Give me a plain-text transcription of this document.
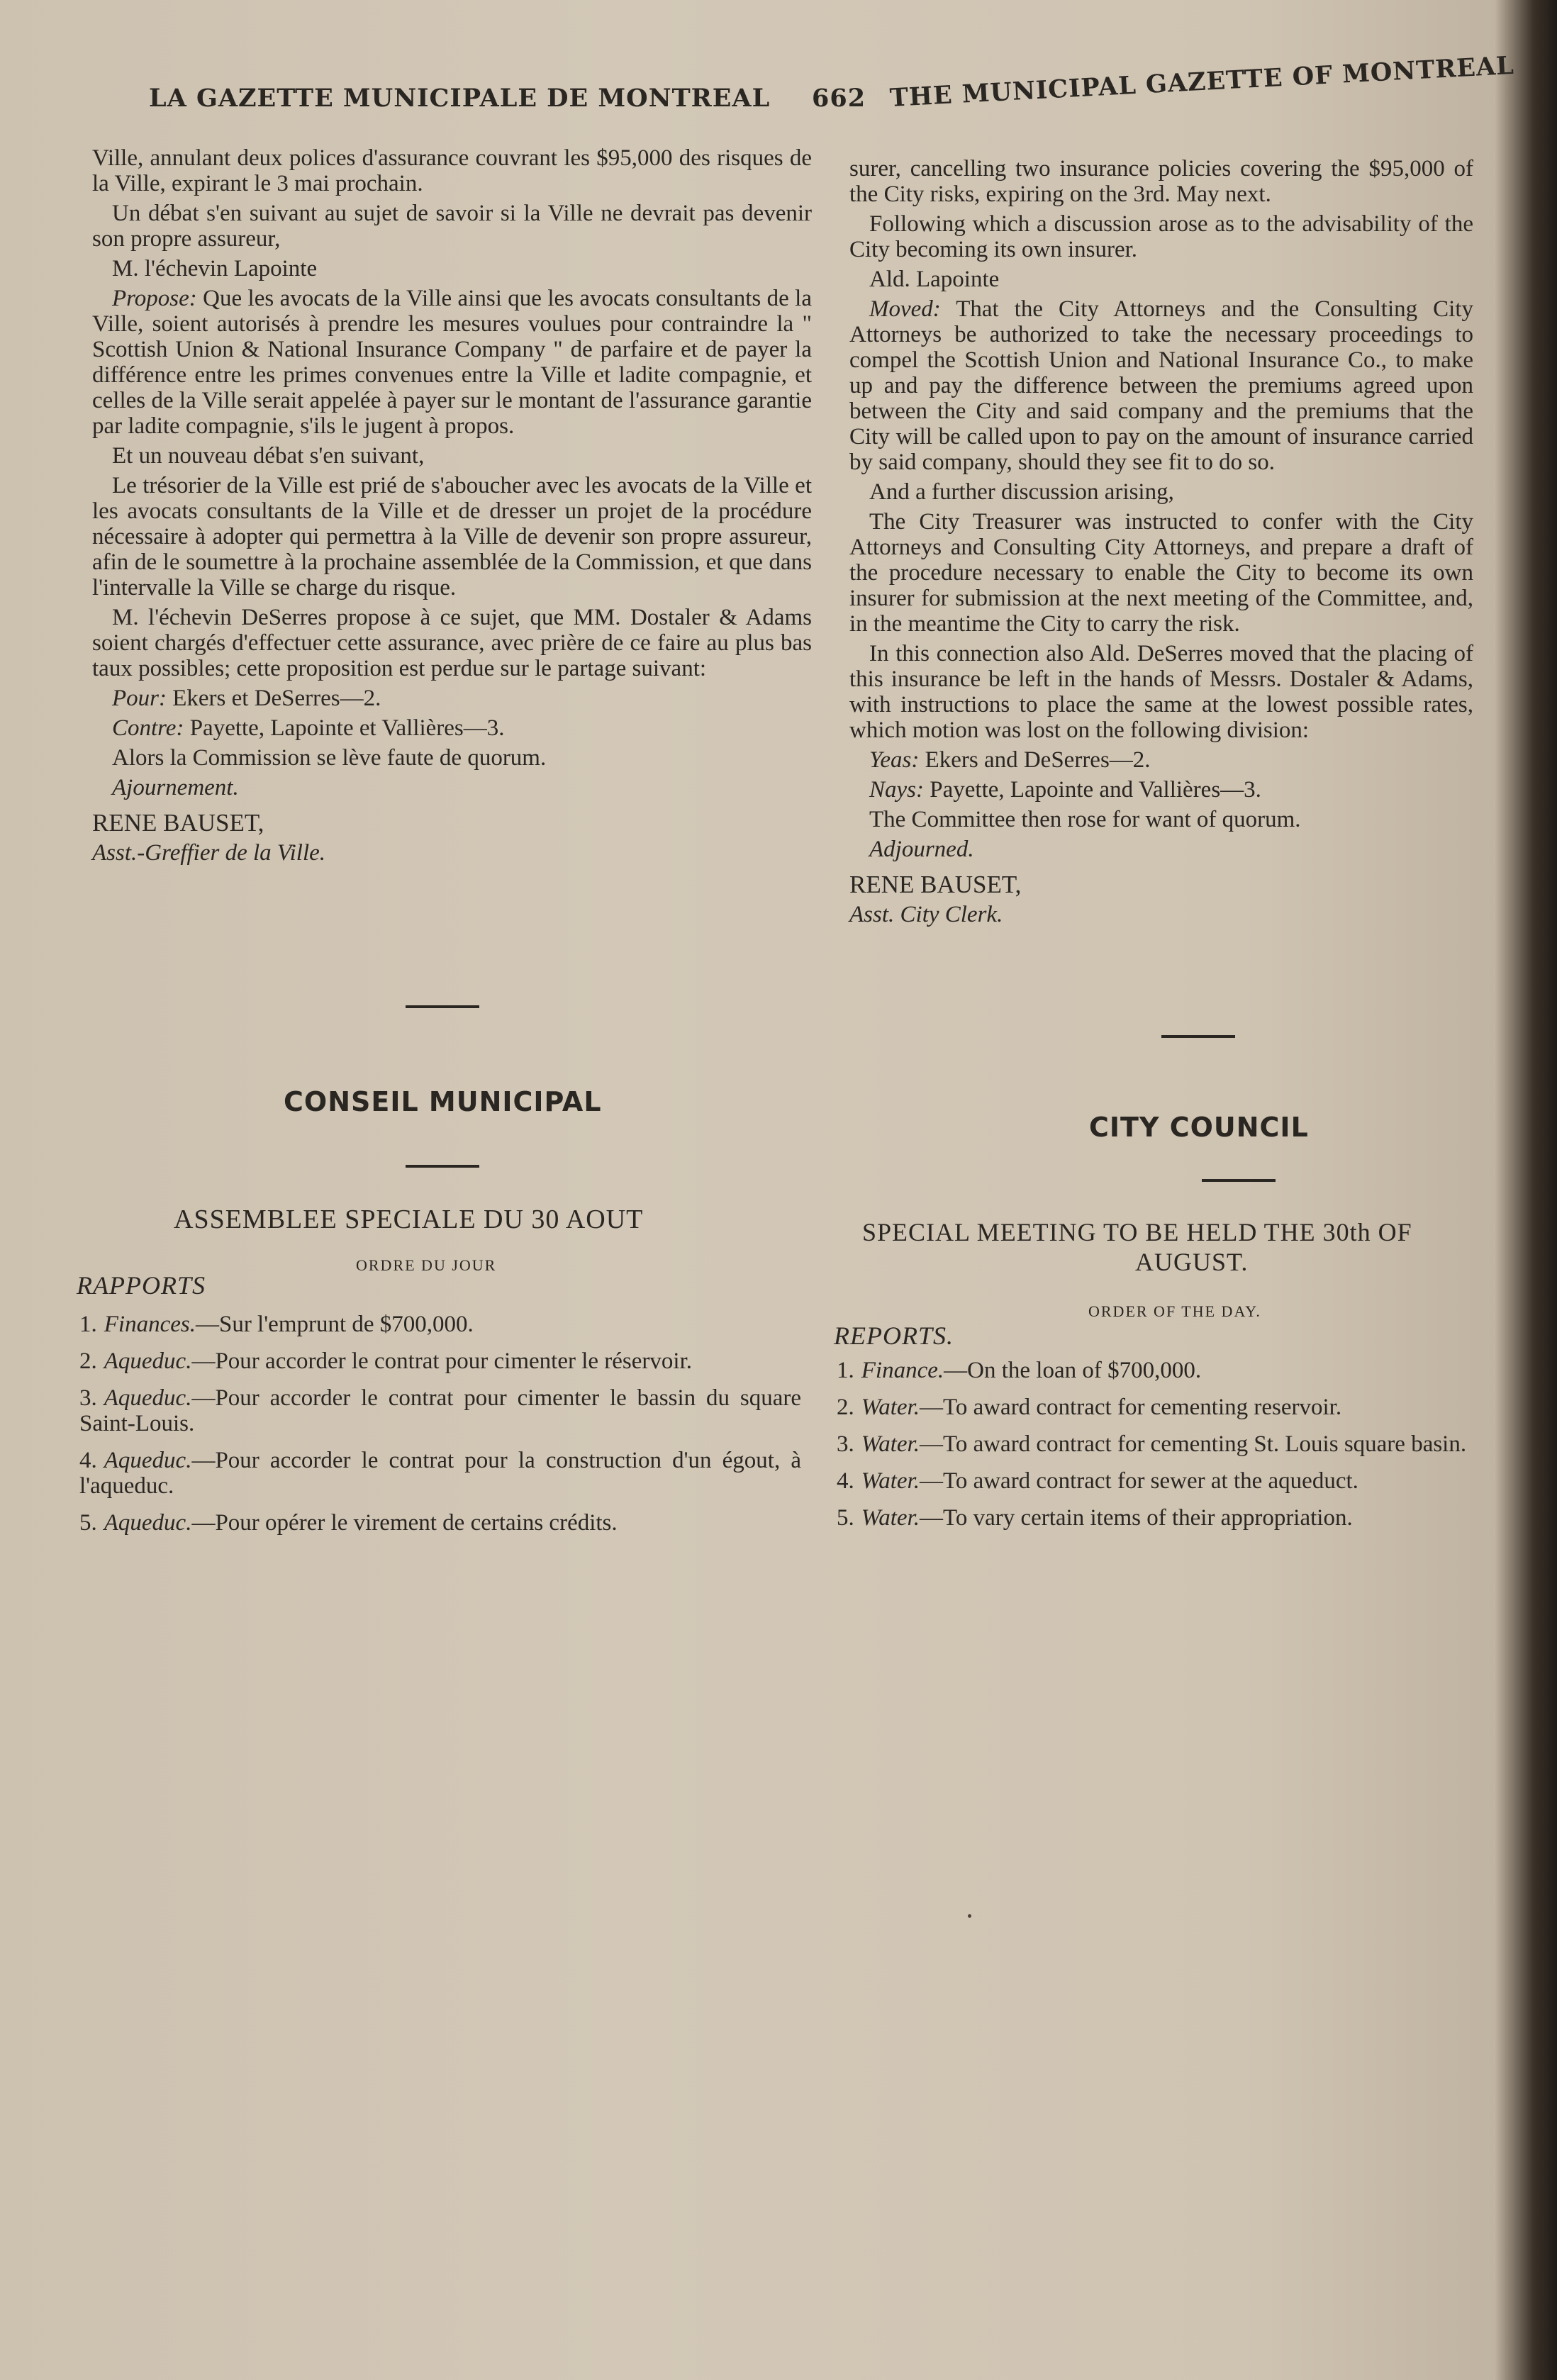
LA GAZETTE MUNICIPALE DE MONTREAL 662 THE MUNICIPAL GAZETTE OF MONTREAL

Ville, annulant deux polices d'assurance couvrant les $95,000 des risques de la Ville, expirant le 3 mai prochain.

Un débat s'en suivant au sujet de savoir si la Ville ne devrait pas devenir son propre assureur,

M. l'échevin Lapointe

Propose: Que les avocats de la Ville ainsi que les avocats consultants de la Ville, soient autorisés à prendre les mesures voulues pour contraindre la " Scottish Union & National Insurance Company " de parfaire et de payer la différence entre les primes convenues entre la Ville et ladite compagnie, et celles de la Ville serait appelée à payer sur le montant de l'assurance garantie par ladite compagnie, s'ils le jugent à propos.

Et un nouveau débat s'en suivant,

Le trésorier de la Ville est prié de s'aboucher avec les avocats de la Ville et les avocats consultants de la Ville et de dresser un projet de la procédure nécessaire à adopter qui permettra à la Ville de devenir son propre assureur, afin de le soumettre à la prochaine assemblée de la Commission, et que dans l'intervalle la Ville se charge du risque.

M. l'échevin DeSerres propose à ce sujet, que MM. Dostaler & Adams soient chargés d'effectuer cette assurance, avec prière de ce faire au plus bas taux possibles; cette proposition est perdue sur le partage suivant:

Pour: Ekers et DeSerres—2.

Contre: Payette, Lapointe et Vallières—3.

Alors la Commission se lève faute de quorum.

Ajournement.

RENE BAUSET,

Asst.-Greffier de la Ville.

surer, cancelling two insurance policies covering the $95,000 of the City risks, expiring on the 3rd. May next.

Following which a discussion arose as to the advisability of the City becoming its own insurer.

Ald. Lapointe

Moved: That the City Attorneys and the Consulting City Attorneys be authorized to take the necessary proceedings to compel the Scottish Union and National Insurance Co., to make up and pay the difference between the premiums agreed upon between the City and said company and the premiums that the City will be called upon to pay on the amount of insurance carried by said company, should they see fit to do so.

And a further discussion arising,

The City Treasurer was instructed to confer with the City Attorneys and Consulting City Attorneys, and prepare a draft of the procedure necessary to enable the City to become its own insurer for submission at the next meeting of the Committee, and, in the meantime the City to carry the risk.

In this connection also Ald. DeSerres moved that the placing of this insurance be left in the hands of Messrs. Dostaler & Adams, with instructions to place the same at the lowest possible rates, which motion was lost on the following division:

Yeas: Ekers and DeSerres—2.

Nays: Payette, Lapointe and Vallières—3.

The Committee then rose for want of quorum.

Adjourned.

RENE BAUSET,

Asst. City Clerk.

CONSEIL MUNICIPAL
ASSEMBLEE SPECIALE DU 30 AOUT
ORDRE DU JOUR
RAPPORTS

1. Finances.—Sur l'emprunt de $700,000.

2. Aqueduc.—Pour accorder le contrat pour cimenter le réservoir.

3. Aqueduc.—Pour accorder le contrat pour cimenter le bassin du square Saint-Louis.

4. Aqueduc.—Pour accorder le contrat pour la construction d'un égout, à l'aqueduc.

5. Aqueduc.—Pour opérer le virement de certains crédits.

CITY COUNCIL
SPECIAL MEETING TO BE HELD THE 30th OF
AUGUST.
ORDER OF THE DAY.
REPORTS.

1. Finance.—On the loan of $700,000.

2. Water.—To award contract for cementing reservoir.

3. Water.—To award contract for cementing St. Louis square basin.

4. Water.—To award contract for sewer at the aqueduct.

5. Water.—To vary certain items of their appropriation.
